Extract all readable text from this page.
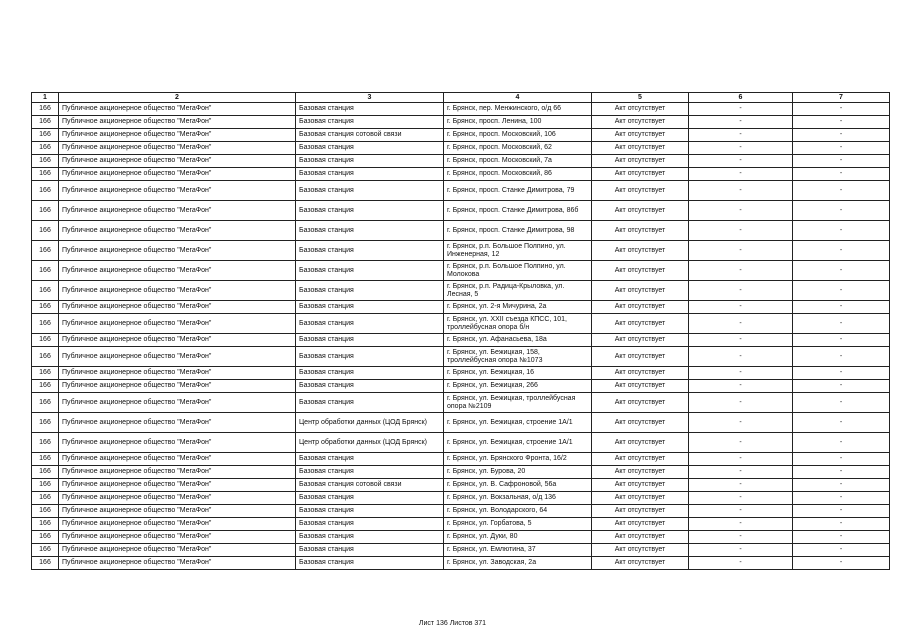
1	2	3	4	5	6	7
166	Публичное акционерное общество "МегаФон"	Базовая станция	г. Брянск, пер. Менжинского, о/д 66	Акт отсутствует	-	-
166	Публичное акционерное общество "МегаФон"	Базовая станция	г. Брянск, просп. Ленина, 100	Акт отсутствует	-	-
166	Публичное акционерное общество "МегаФон"	Базовая станция сотовой связи	г. Брянск, просп. Московский, 106	Акт отсутствует	-	-
166	Публичное акционерное общество "МегаФон"	Базовая станция	г. Брянск, просп. Московский, 62	Акт отсутствует	-	-
166	Публичное акционерное общество "МегаФон"	Базовая станция	г. Брянск, просп. Московский, 7а	Акт отсутствует	-	-
166	Публичное акционерное общество "МегаФон"	Базовая станция	г. Брянск, просп. Московский, 86	Акт отсутствует	-	-
166	Публичное акционерное общество "МегаФон"	Базовая станция	г. Брянск, просп. Станке Димитрова, 79	Акт отсутствует	-	-
166	Публичное акционерное общество "МегаФон"	Базовая станция	г. Брянск, просп. Станке Димитрова, 86б	Акт отсутствует	-	-
166	Публичное акционерное общество "МегаФон"	Базовая станция	г. Брянск, просп. Станке Димитрова, 98	Акт отсутствует	-	-
166	Публичное акционерное общество "МегаФон"	Базовая станция	г. Брянск, р.п. Большое Полпино, ул. Инженерная, 12	Акт отсутствует	-	-
166	Публичное акционерное общество "МегаФон"	Базовая станция	г. Брянск, р.п. Большое Полпино, ул. Молокова	Акт отсутствует	-	-
166	Публичное акционерное общество "МегаФон"	Базовая станция	г. Брянск, р.п. Радица-Крыловка, ул. Лесная, 5	Акт отсутствует	-	-
166	Публичное акционерное общество "МегаФон"	Базовая станция	г. Брянск, ул. 2-я Мичурина, 2а	Акт отсутствует	-	-
166	Публичное акционерное общество "МегаФон"	Базовая станция	г. Брянск, ул. XXII съезда КПСС, 101, троллейбусная опора б/н	Акт отсутствует	-	-
166	Публичное акционерное общество "МегаФон"	Базовая станция	г. Брянск, ул. Афанасьева, 18а	Акт отсутствует	-	-
166	Публичное акционерное общество "МегаФон"	Базовая станция	г. Брянск, ул. Бежицкая, 158, троллейбусная опора №1073	Акт отсутствует	-	-
166	Публичное акционерное общество "МегаФон"	Базовая станция	г. Брянск, ул. Бежицкая, 16	Акт отсутствует	-	-
166	Публичное акционерное общество "МегаФон"	Базовая станция	г. Брянск, ул. Бежицкая, 266	Акт отсутствует	-	-
166	Публичное акционерное общество "МегаФон"	Базовая станция	г. Брянск, ул. Бежицкая, троллейбусная опора №2109	Акт отсутствует	-	-
166	Публичное акционерное общество "МегаФон"	Центр обработки данных (ЦОД Брянск)	г. Брянск, ул. Бежицкая, строение 1А/1	Акт отсутствует	-	-
166	Публичное акционерное общество "МегаФон"	Центр обработки данных (ЦОД Брянск)	г. Брянск, ул. Бежицкая, строение 1А/1	Акт отсутствует	-	-
166	Публичное акционерное общество "МегаФон"	Базовая станция	г. Брянск, ул. Брянского Фронта, 16/2	Акт отсутствует	-	-
166	Публичное акционерное общество "МегаФон"	Базовая станция	г. Брянск, ул. Бурова, 20	Акт отсутствует	-	-
166	Публичное акционерное общество "МегаФон"	Базовая станция сотовой связи	г. Брянск, ул. В. Сафроновой, 56а	Акт отсутствует	-	-
166	Публичное акционерное общество "МегаФон"	Базовая станция	г. Брянск, ул. Вокзальная, о/д 136	Акт отсутствует	-	-
166	Публичное акционерное общество "МегаФон"	Базовая станция	г. Брянск, ул. Володарского, 64	Акт отсутствует	-	-
166	Публичное акционерное общество "МегаФон"	Базовая станция	г. Брянск, ул. Горбатова, 5	Акт отсутствует	-	-
166	Публичное акционерное общество "МегаФон"	Базовая станция	г. Брянск, ул. Дуки, 80	Акт отсутствует	-	-
166	Публичное акционерное общество "МегаФон"	Базовая станция	г. Брянск, ул. Емлютина, 37	Акт отсутствует	-	-
166	Публичное акционерное общество "МегаФон"	Базовая станция	г. Брянск, ул. Заводская, 2а	Акт отсутствует	-	-
Лист 136 Листов 371
